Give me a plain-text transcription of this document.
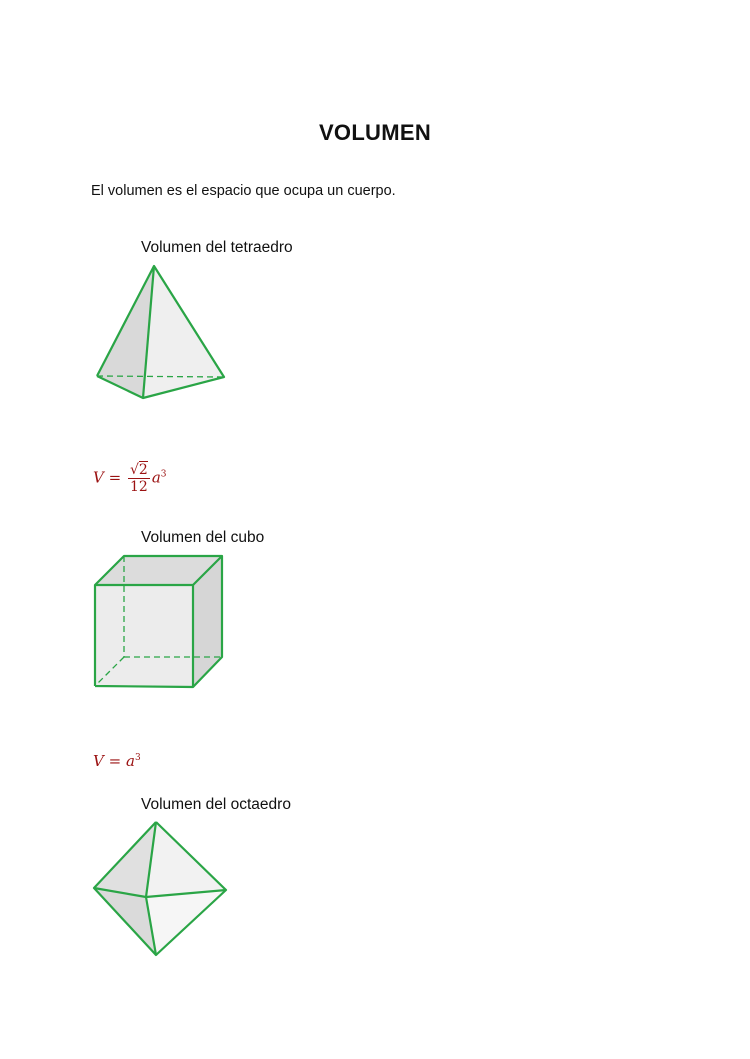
VOLUMEN
El volumen es el espacio que ocupa un cuerpo.
Volumen del tetraedro
$V = \frac{√2}{12} a^3$
Volumen del cubo
$V = a^3$
Volumen del octaedro
